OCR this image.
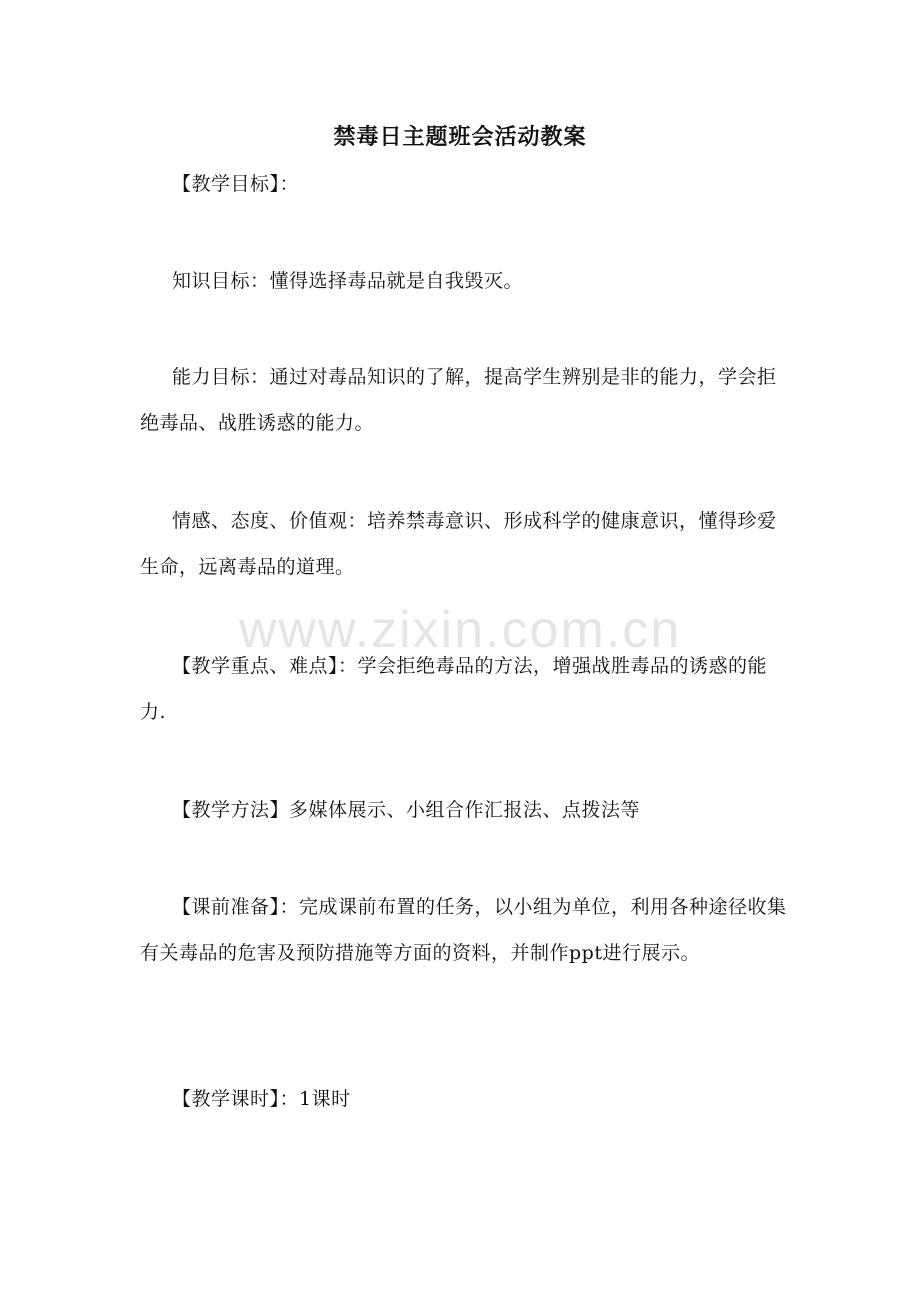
禁毒日主题班会活动教案

【教学目标】：

知识目标：懂得选择毒品就是自我毁灭。

能力目标：通过对毒品知识的了解，提高学生辨别是非的能力，学会拒绝毒品、战胜诱惑的能力。

情感、态度、价值观：培养禁毒意识、形成科学的健康意识，懂得珍爱生命，远离毒品的道理。

【教学重点、难点】：学会拒绝毒品的方法，增强战胜毒品的诱惑的能力.

【教学方法】多媒体展示、小组合作汇报法、点拨法等

【课前准备】：完成课前布置的任务，以小组为单位，利用各种途径收集有关毒品的危害及预防措施等方面的资料，并制作ppt进行展示。

【教学课时】：1课时

www.zixin.com.cn
